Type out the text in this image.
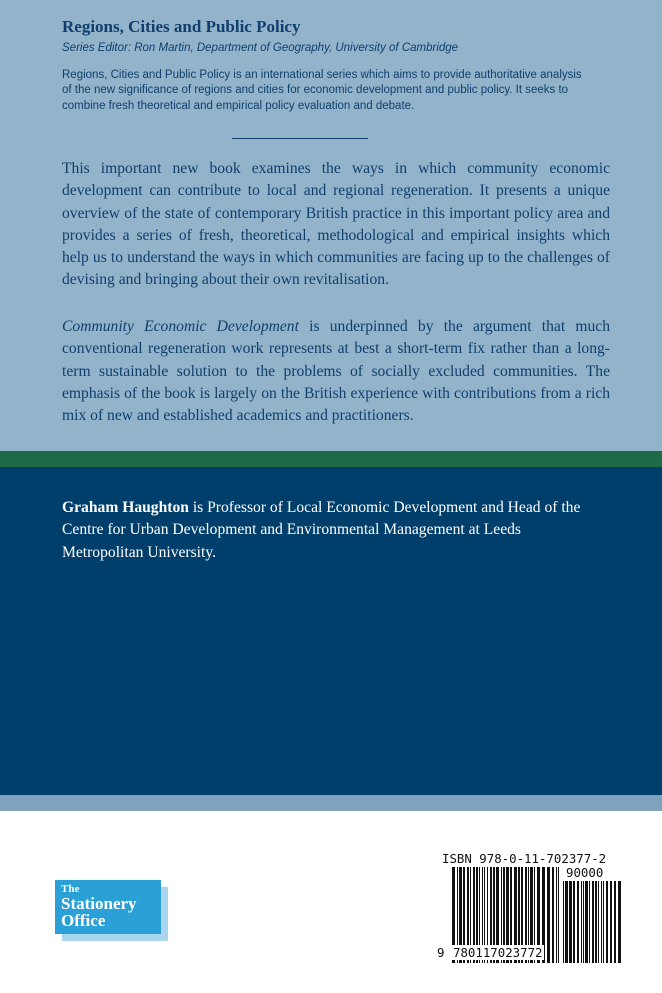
Regions, Cities and Public Policy

Series Editor: Ron Martin, Department of Geography, University of Cambridge

Regions, Cities and Public Policy is an international series which aims to provide authoritative analysis of the new significance of regions and cities for economic development and public policy. It seeks to combine fresh theoretical and empirical policy evaluation and debate.

This important new book examines the ways in which community economic development can contribute to local and regional regeneration. It presents a unique overview of the state of contemporary British practice in this important policy area and provides a series of fresh, theoretical, methodological and empirical insights which help us to understand the ways in which communities are facing up to the challenges of devising and bringing about their own revitalisation.

Community Economic Development is underpinned by the argument that much conventional regeneration work represents at best a short-term fix rather than a long-term sustainable solution to the problems of socially excluded communities. The emphasis of the book is largely on the British experience with contributions from a rich mix of new and established academics and practitioners.

Graham Haughton is Professor of Local Economic Development and Head of the Centre for Urban Development and Environmental Management at Leeds Metropolitan University.

The
Stationery
Office

ISBN 978-0-11-702377-2

90000

780117023772

9
